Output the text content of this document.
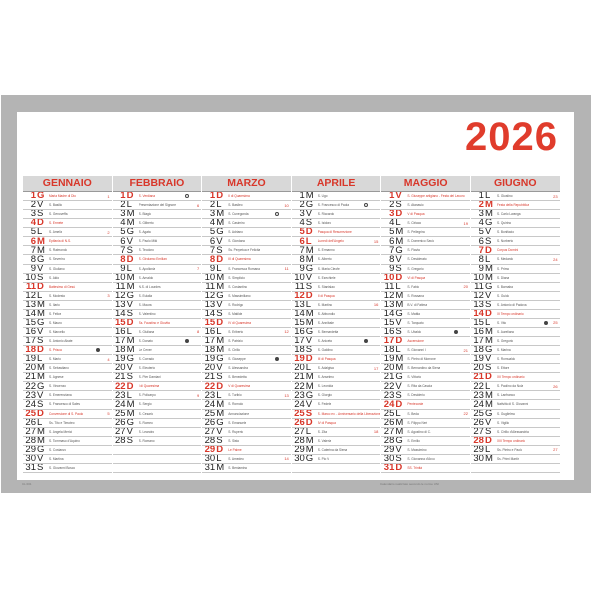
2026
CL 001	Calendario realizzato secondo le norme UNI
GENNAIO
1 G	Maria Madre di Dio	1
2 V	S. Basilio
3 S	S. Genoveffa
4 D	S. Ermete
5 L	S. Amelia	2
6 M	Epifania di N.S.
7 M	S. Raimondo
8 G	S. Severino
9 V	S. Giuliano
10 S	S. Aldo
11 D	Battesimo di Gesù
12 L	S. Modesto	3
13 M	S. Ilario
14 M	S. Felice
15 G	S. Mauro
16 V	S. Marcello
17 S	S. Antonio Abate
18 D	S. Prisca
19 L	S. Mario	4
20 M	S. Sebastiano
21 M	S. Agnese
22 G	S. Vincenzo
23 V	S. Emerenziana
24 S	S. Francesco di Sales
25 D	Conversione di S. Paolo	5
26 L	Ss. Tito e Timoteo
27 M	S. Angela Merici
28 M	S. Tommaso d'Aquino
29 G	S. Costanzo
30 V	S. Martina
31 S	S. Giovanni Bosco
FEBBRAIO
1 D	S. Verdiana
2 L	Presentazione del Signore	6
3 M	S. Biagio
4 M	S. Gilberto
5 G	S. Agata
6 V	S. Paolo Miki
7 S	S. Teodoro
8 D	S. Girolamo Emiliani
9 L	S. Apollonia	7
10 M	S. Arnaldo
11 M	N.S. di Lourdes
12 G	S. Eulalia
13 V	S. Maura
14 S	S. Valentino
15 D	Ss. Faustino e Giovita
16 L	S. Giuliana	8
17 M	S. Donato
18 M	Le Ceneri
19 G	S. Corrado
20 V	S. Eleuterio
21 S	S. Pier Damiani
22 D	I di Quaresima
23 L	S. Policarpo	9
24 M	S. Sergio
25 M	S. Cesario
26 G	S. Romeo
27 V	S. Leandro
28 S	S. Romano
MARZO
1 D	II di Quaresima
2 L	S. Basileo	10
3 M	S. Cunegonda
4 M	S. Casimiro
5 G	S. Adriano
6 V	S. Giordano
7 S	Ss. Perpetua e Felicita
8 D	III di Quaresima
9 L	S. Francesca Romana	11
10 M	S. Simplicio
11 M	S. Costantino
12 G	S. Massimiliano
13 V	S. Rodrigo
14 S	S. Matilde
15 D	IV di Quaresima
16 L	S. Eriberto	12
17 M	S. Patrizio
18 M	S. Cirillo
19 G	S. Giuseppe
20 V	S. Alessandra
21 S	S. Benedetta
22 D	V di Quaresima
23 L	S. Turibio	13
24 M	S. Romolo
25 M	Annunciazione
26 G	S. Emanuele
27 V	S. Ruperto
28 S	S. Sisto
29 D	Le Palme
30 L	S. Amedeo	14
31 M	S. Beniamino
APRILE
1 M	S. Ugo
2 G	S. Francesco di Paola
3 V	S. Riccardo
4 S	S. Isidoro
5 D	Pasqua di Resurrezione
6 L	Lunedì dell'Angelo	15
7 M	S. Ermanno
8 M	S. Alberto
9 G	S. Maria Cleofe
10 V	S. Ezechiele
11 S	S. Stanislao
12 D	II di Pasqua
13 L	S. Martino	16
14 M	S. Abbondio
15 M	S. Annibale
16 G	S. Bernardetta
17 V	S. Aniceto
18 S	S. Galdino
19 D	III di Pasqua
20 L	S. Adalgisa	17
21 M	S. Anselmo
22 M	S. Leonida
23 G	S. Giorgio
24 V	S. Fedele
25 S	S. Marco ev. - Anniversario della Liberazione
26 D	IV di Pasqua
27 L	S. Zita	18
28 M	S. Valeria
29 M	S. Caterina da Siena
30 G	S. Pio V
MAGGIO
1 V	S. Giuseppe artigiano - Festa del Lavoro
2 S	S. Atanasio
3 D	V di Pasqua
4 L	S. Ciriaco	19
5 M	S. Pellegrino
6 M	S. Domenico Savio
7 G	S. Flavia
8 V	S. Desiderato
9 S	S. Gregorio
10 D	VI di Pasqua
11 L	S. Fabio	20
12 M	S. Rossana
13 M	B.V. di Fatima
14 G	S. Mattia
15 V	S. Torquato
16 S	S. Ubaldo
17 D	Ascensione
18 L	S. Giovanni I	21
19 M	S. Pietro di Morrone
20 M	S. Bernardino da Siena
21 G	S. Vittorio
22 V	S. Rita da Cascia
23 S	S. Desiderio
24 D	Pentecoste
25 L	S. Beda	22
26 M	S. Filippo Neri
27 M	S. Agostino di C.
28 G	S. Emilio
29 V	S. Massimino
30 S	S. Giovanna d'Arco
31 D	SS. Trinità
GIUGNO
1 L	S. Giustino	23
2 M	Festa della Repubblica
3 M	S. Carlo Lwanga
4 G	S. Quirino
5 V	S. Bonifacio
6 S	S. Norberto
7 D	Corpus Domini
8 L	S. Medardo	24
9 M	S. Primo
10 M	S. Diana
11 G	S. Barnaba
12 V	S. Guido
13 S	S. Antonio di Padova
14 D	XI Tempo ordinario
15 L	S. Vito	25
16 M	S. Aureliano
17 M	S. Gregorio
18 G	S. Marina
19 V	S. Romualdo
20 S	S. Ettore
21 D	XII Tempo ordinario
22 L	S. Paolino da Nola	26
23 M	S. Lanfranco
24 M	Natività di S. Giovanni
25 G	S. Guglielmo
26 V	S. Vigilio
27 S	S. Cirillo d'Alessandria
28 D	XIII Tempo ordinario
29 L	Ss. Pietro e Paolo	27
30 M	Ss. Primi Martiri
